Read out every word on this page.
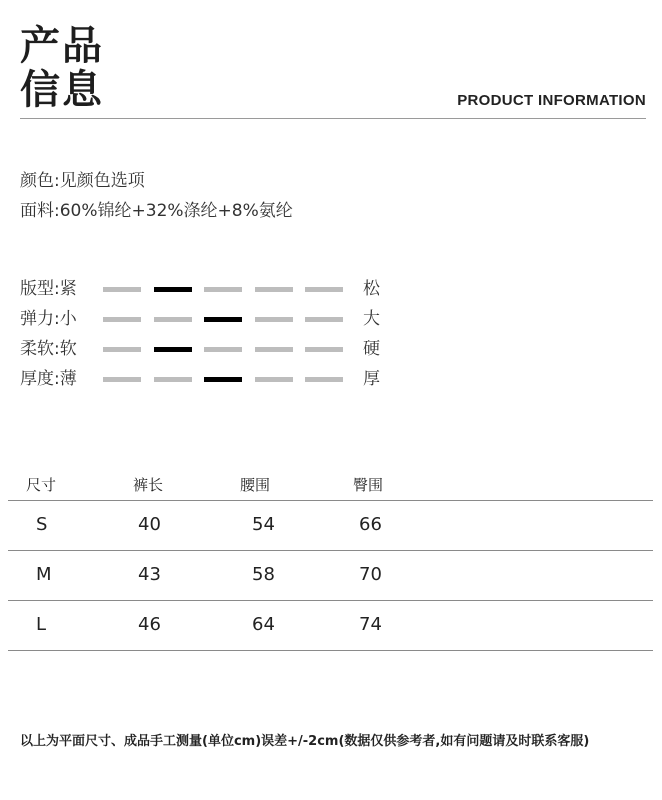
产品
信息	PRODUCT INFORMATION
颜色:见颜色选项
面料:60%锦纶+32%涤纶+8%氨纶
版型:紧	松
弹力:小	大
柔软:软	硬
厚度:薄	厚
尺寸	裤长	腰围	臀围
S	40	54	66
M	43	58	70
L	46	64	74
以上为平面尺寸、成品手工测量(单位cm)误差+/-2cm(数据仅供参考者,如有问题请及时联系客服)
